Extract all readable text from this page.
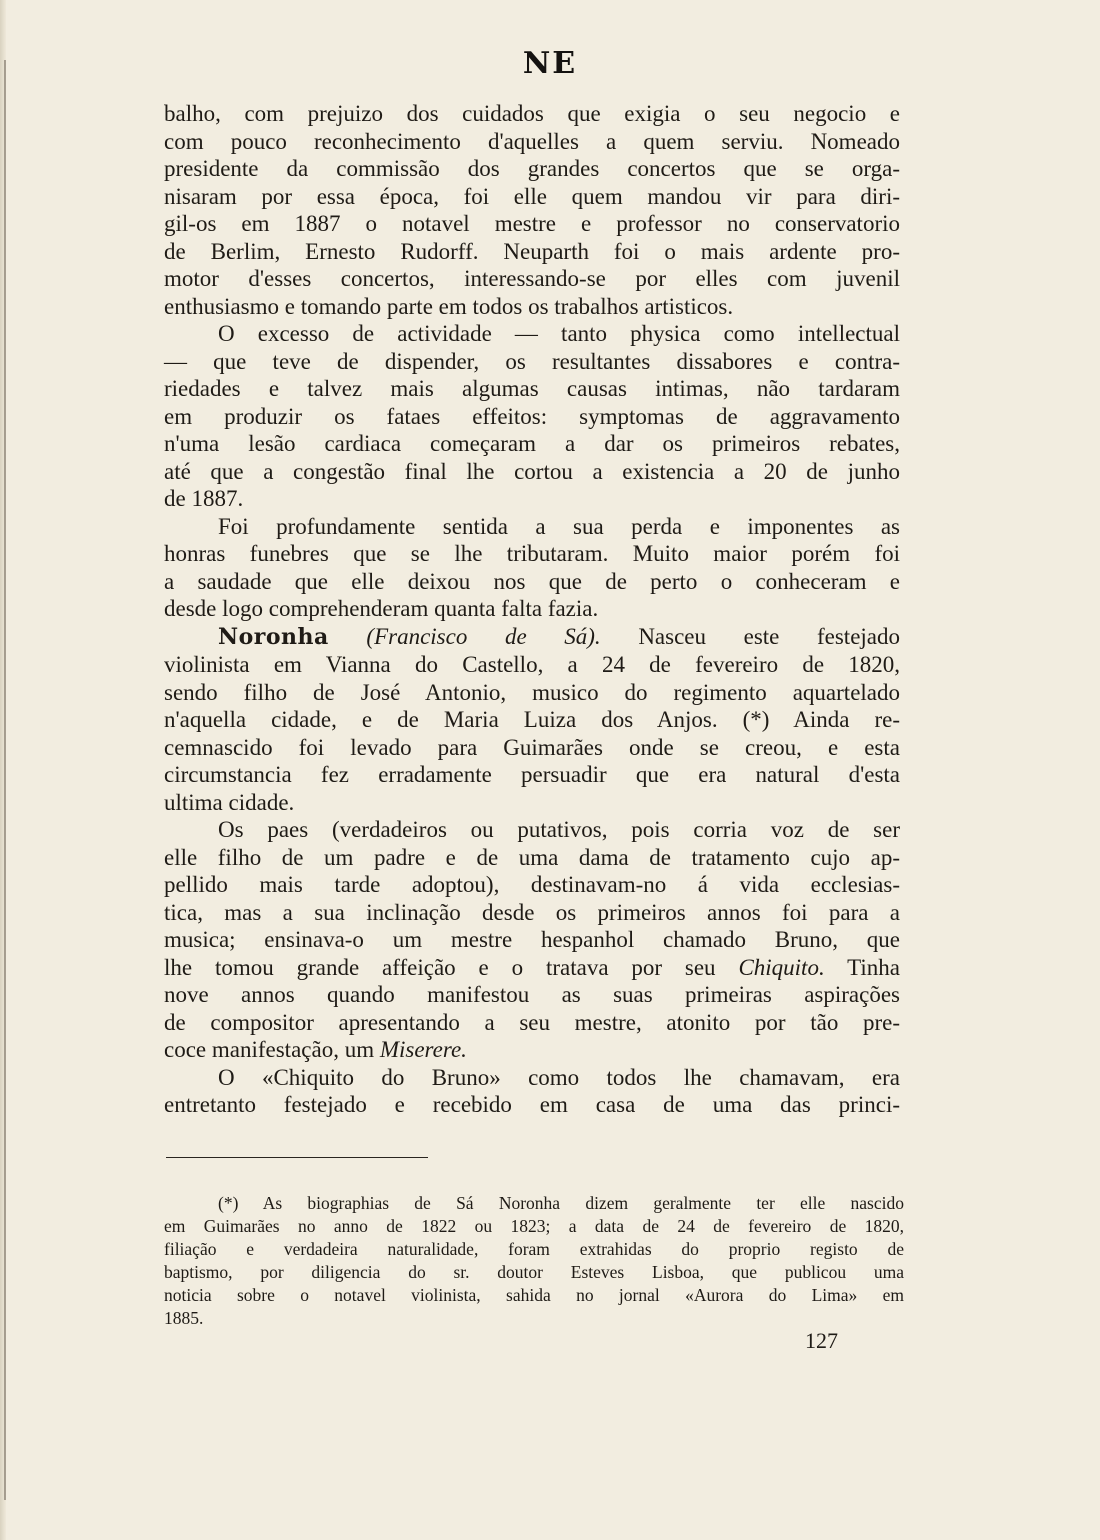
NE

balho, com prejuizo dos cuidados que exigia o seu negocio e

com pouco reconhecimento d'aquelles a quem serviu. Nomeado

presidente da commissão dos grandes concertos que se orga-

nisaram por essa época, foi elle quem mandou vir para diri-

gil-os em 1887 o notavel mestre e professor no conservatorio

de Berlim, Ernesto Rudorff. Neuparth foi o mais ardente pro-

motor d'esses concertos, interessando-se por elles com juvenil

enthusiasmo e tomando parte em todos os trabalhos artisticos.

O excesso de actividade — tanto physica como intellectual

— que teve de dispender, os resultantes dissabores e contra-

riedades e talvez mais algumas causas intimas, não tardaram

em produzir os fataes effeitos: symptomas de aggravamento

n'uma lesão cardiaca começaram a dar os primeiros rebates,

até que a congestão final lhe cortou a existencia a 20 de junho

de 1887.

Foi profundamente sentida a sua perda e imponentes as

honras funebres que se lhe tributaram. Muito maior porém foi

a saudade que elle deixou nos que de perto o conheceram e

desde logo comprehenderam quanta falta fazia.

Noronha (Francisco de Sá). Nasceu este festejado

violinista em Vianna do Castello, a 24 de fevereiro de 1820,

sendo filho de José Antonio, musico do regimento aquartelado

n'aquella cidade, e de Maria Luiza dos Anjos. (*) Ainda re-

cemnascido foi levado para Guimarães onde se creou, e esta

circumstancia fez erradamente persuadir que era natural d'esta

ultima cidade.

Os paes (verdadeiros ou putativos, pois corria voz de ser

elle filho de um padre e de uma dama de tratamento cujo ap-

pellido mais tarde adoptou), destinavam-no á vida ecclesias-

tica, mas a sua inclinação desde os primeiros annos foi para a

musica; ensinava-o um mestre hespanhol chamado Bruno, que

lhe tomou grande affeição e o tratava por seu Chiquito. Tinha

nove annos quando manifestou as suas primeiras aspirações

de compositor apresentando a seu mestre, atonito por tão pre-

coce manifestação, um Miserere.

O «Chiquito do Bruno» como todos lhe chamavam, era

entretanto festejado e recebido em casa de uma das princi-

(*) As biographias de Sá Noronha dizem geralmente ter elle nascido

em Guimarães no anno de 1822 ou 1823; a data de 24 de fevereiro de 1820,

filiação e verdadeira naturalidade, foram extrahidas do proprio registo de

baptismo, por diligencia do sr. doutor Esteves Lisboa, que publicou uma

noticia sobre o notavel violinista, sahida no jornal «Aurora do Lima» em

1885.

127
